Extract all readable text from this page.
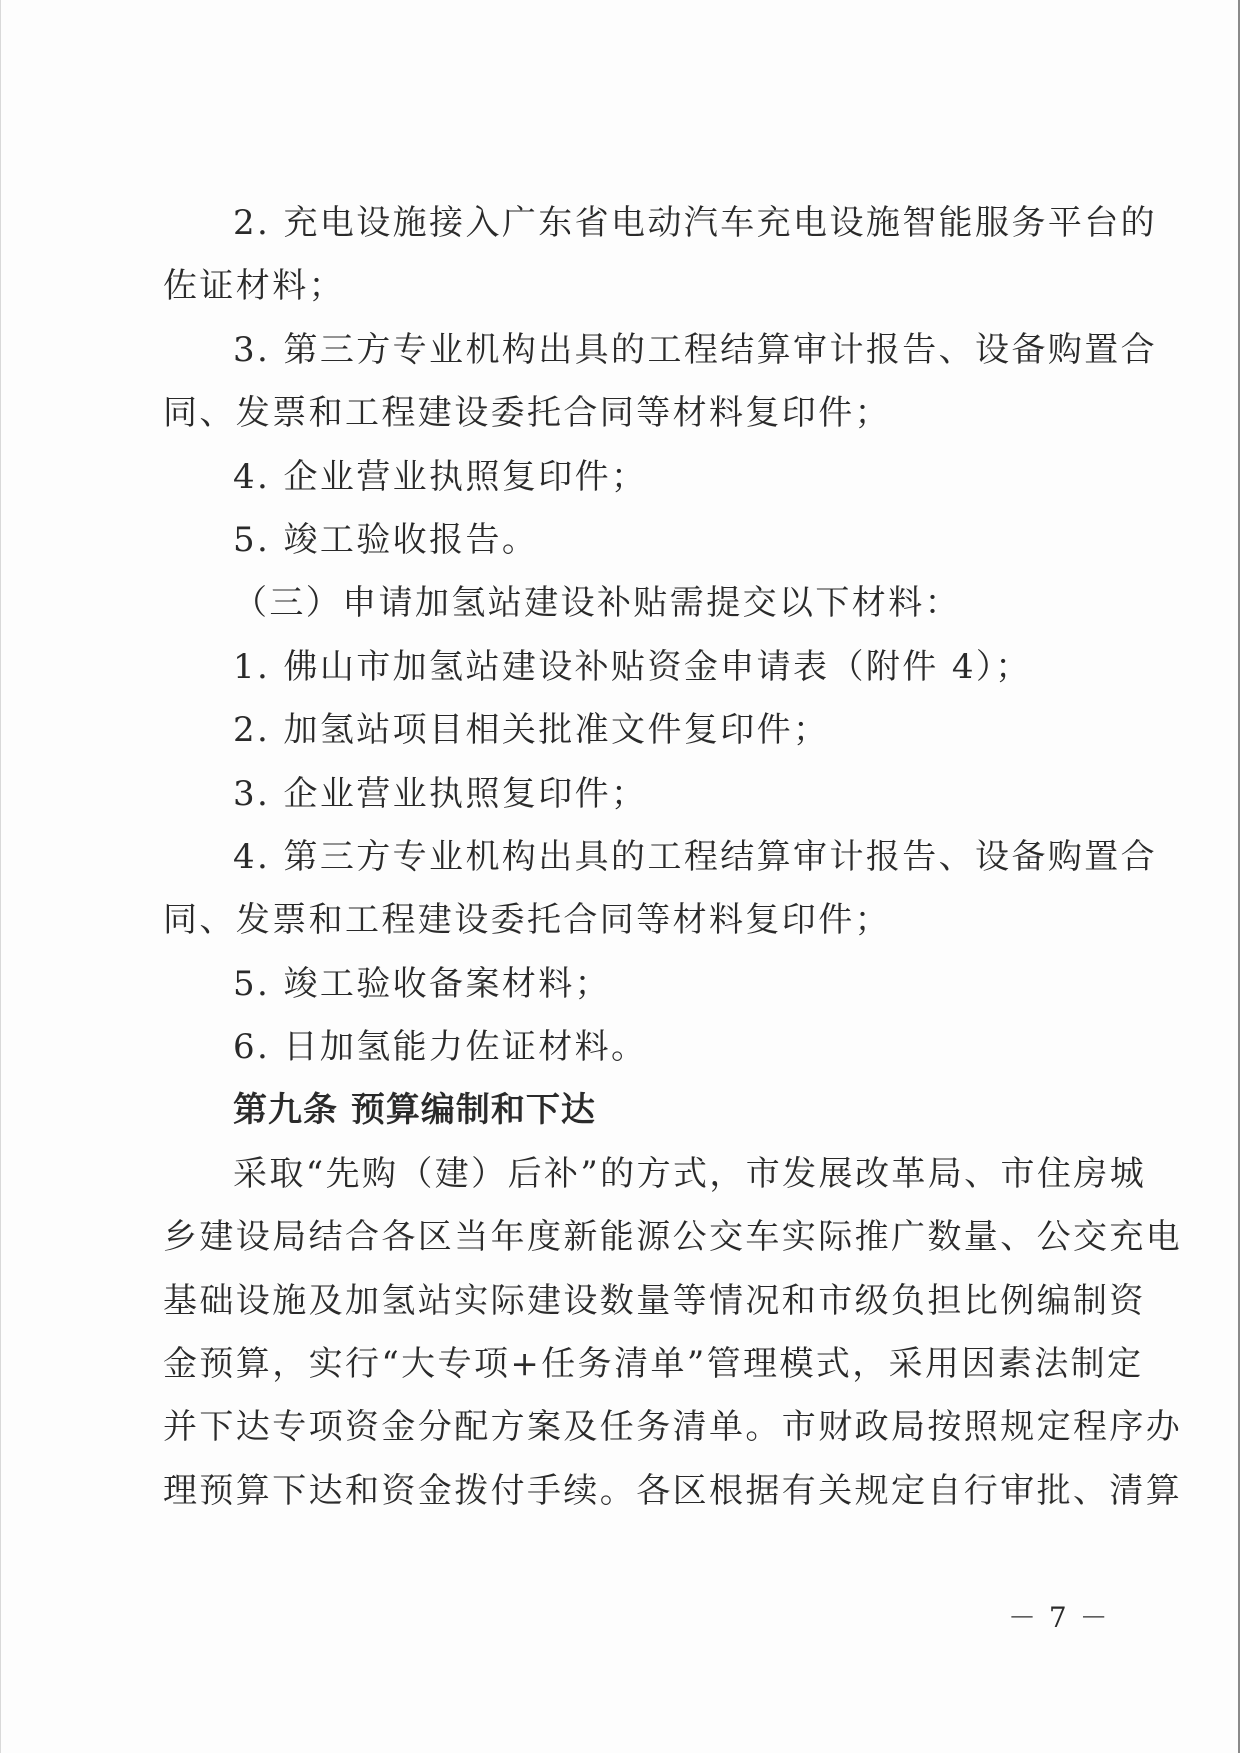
2. 充电设施接入广东省电动汽车充电设施智能服务平台的
佐证材料；
3. 第三方专业机构出具的工程结算审计报告、设备购置合
同、发票和工程建设委托合同等材料复印件；
4. 企业营业执照复印件；
5. 竣工验收报告。
（三）申请加氢站建设补贴需提交以下材料：
1. 佛山市加氢站建设补贴资金申请表（附件 4）；
2. 加氢站项目相关批准文件复印件；
3. 企业营业执照复印件；
4. 第三方专业机构出具的工程结算审计报告、设备购置合
同、发票和工程建设委托合同等材料复印件；
5. 竣工验收备案材料；
6. 日加氢能力佐证材料。
第九条 预算编制和下达
采取“先购（建）后补”的方式，市发展改革局、市住房城
乡建设局结合各区当年度新能源公交车实际推广数量、公交充电
基础设施及加氢站实际建设数量等情况和市级负担比例编制资
金预算，实行“大专项+任务清单”管理模式，采用因素法制定
并下达专项资金分配方案及任务清单。市财政局按照规定程序办
理预算下达和资金拨付手续。各区根据有关规定自行审批、清算
－ 7 －
